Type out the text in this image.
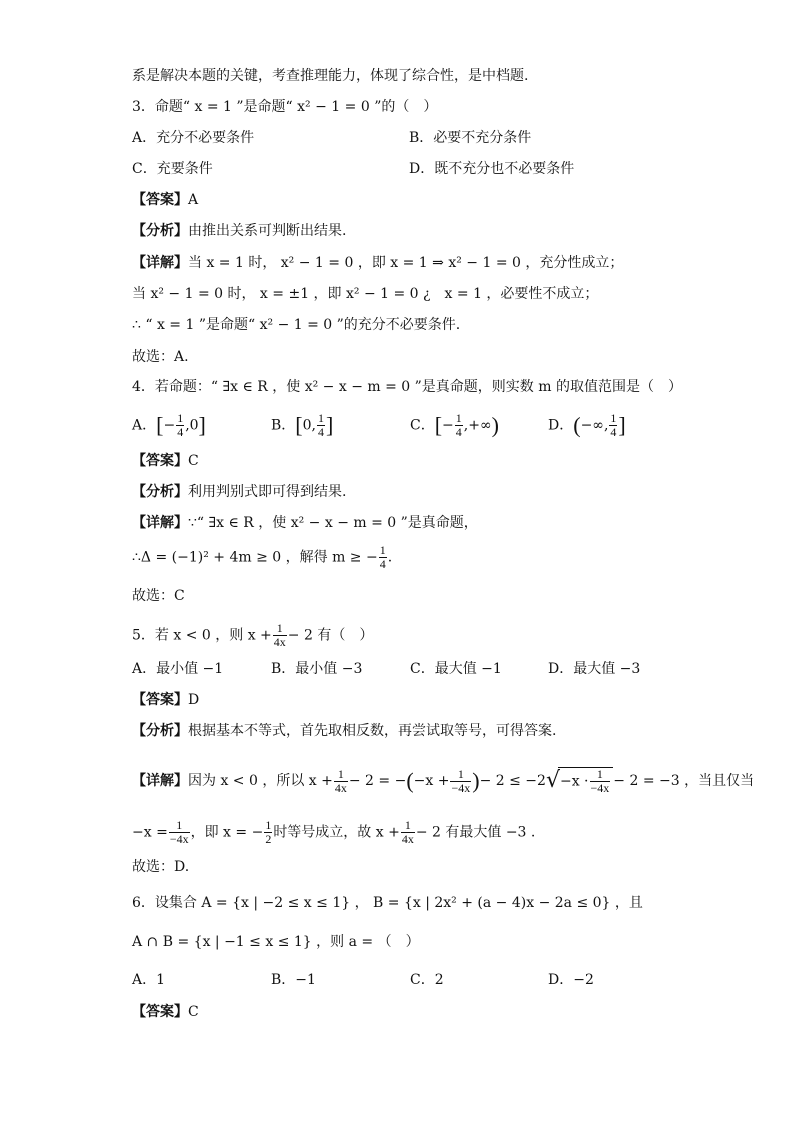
系是解决本题的关键，考查推理能力，体现了综合性，是中档题.
3．命题“ x = 1 ”是命题“ x² − 1 = 0 ”的（　）
A．充分不必要条件	B．必要不充分条件
C．充要条件	D．既不充分也不必要条件
【答案】A
【分析】由推出关系可判断出结果.
【详解】当 x = 1 时， x² − 1 = 0 ，即 x = 1 ⇒ x² − 1 = 0 ，充分性成立；
当 x² − 1 = 0 时， x = ±1 ，即 x² − 1 = 0 ¿　x = 1 ，必要性不成立；
∴ “ x = 1 ”是命题“ x² − 1 = 0 ”的充分不必要条件.
故选：A.
4．若命题：“ ∃x ∈ R ，使 x² − x − m = 0 ”是真命题，则实数 m 的取值范围是（　）
A．[− $\frac{1}{4} ,0$]	B．[0, $\frac{1}{4}$ ]	C．[− $\frac{1}{4}$ ,+∞)	D．(−∞, $\frac{1}{4}$ ]
【答案】C
【分析】利用判别式即可得到结果.
【详解】∵“ ∃x ∈ R ，使 x² − x − m = 0 ”是真命题，
∴Δ = (−1)² + 4m ≥ 0 ，解得 m ≥ − $\frac{1}{4}$ .
故选：C
5．若 x < 0 ，则 $x + \frac{1}{4x} - 2$ 有（　）
A．最小值 −1	B．最小值 −3	C．最大值 −1	D．最大值 −3
【答案】D
【分析】根据基本不等式，首先取相反数，再尝试取等号，可得答案.
【详解】因为 x < 0 ，所以 $x + \frac{1}{4x} - 2 = -(-x + \frac{1}{-4x}$ )− $2 \le -2√-x \cdot \frac{1}{-4x} - 2 = -3$ ，当且仅当
$-x = \frac{1}{-4x}$ ，即 x = − $\frac{1}{2}$ 时等号成立，故 $x + \frac{1}{4x} - 2$ 有最大值 −3 .
故选：D.
6．设集合 A = {x | −2 ≤ x ≤ 1} ， B = {x | 2x² + (a − 4)x − 2a ≤ 0} ，且
A ∩ B = {x | −1 ≤ x ≤ 1} ，则 a = （　）
A．1	B．−1	C．2	D．−2
【答案】C
